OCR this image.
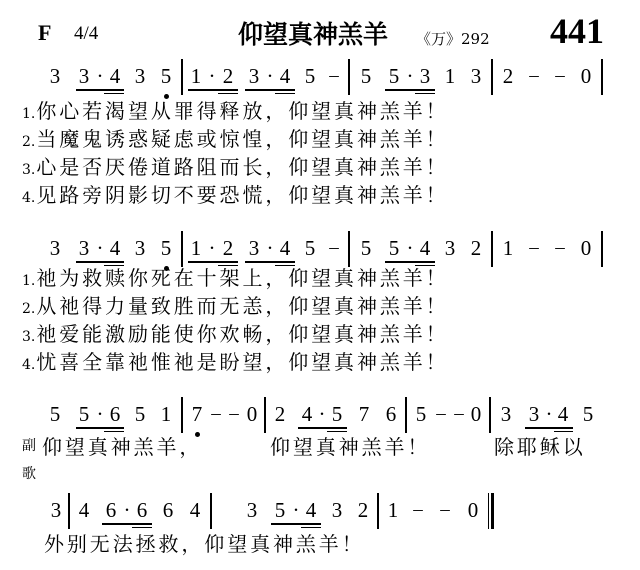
F 4/4	仰望真神羔羊 《万》292 441
3 3 · 4 3 5 1 · 2 3 · 4 5 – 5 5 · 3 1 3 2 – – 0
1.你心若渴望从罪得释放，仰望真神羔羊！
2.当魔鬼诱惑疑虑或惊惶，仰望真神羔羊！
3.心是否厌倦道路阻而长，仰望真神羔羊！
4.见路旁阴影切不要恐慌，仰望真神羔羊！
3 3 · 4 3 5 1 · 2 3 · 4 5 – 5 5 · 4 3 2 1 – – 0
1.祂为救赎你死在十架上，仰望真神羔羊！
2.从祂得力量致胜而无恙，仰望真神羔羊！
3.祂爱能激励能使你欢畅，仰望真神羔羊！
4.忧喜全靠祂惟祂是盼望，仰望真神羔羊！
5 5 · 6 5 1 7 – – 0 2 4 · 5 7 6 5 – – 0 3 3 · 4 5
副
歌
仰望真神羔羊，	仰望真神羔羊！	除耶稣以
3 4 6 · 6 6 4 3 5 · 4 3 2 1 – – 0
外别无法拯救，仰望真神羔羊！
